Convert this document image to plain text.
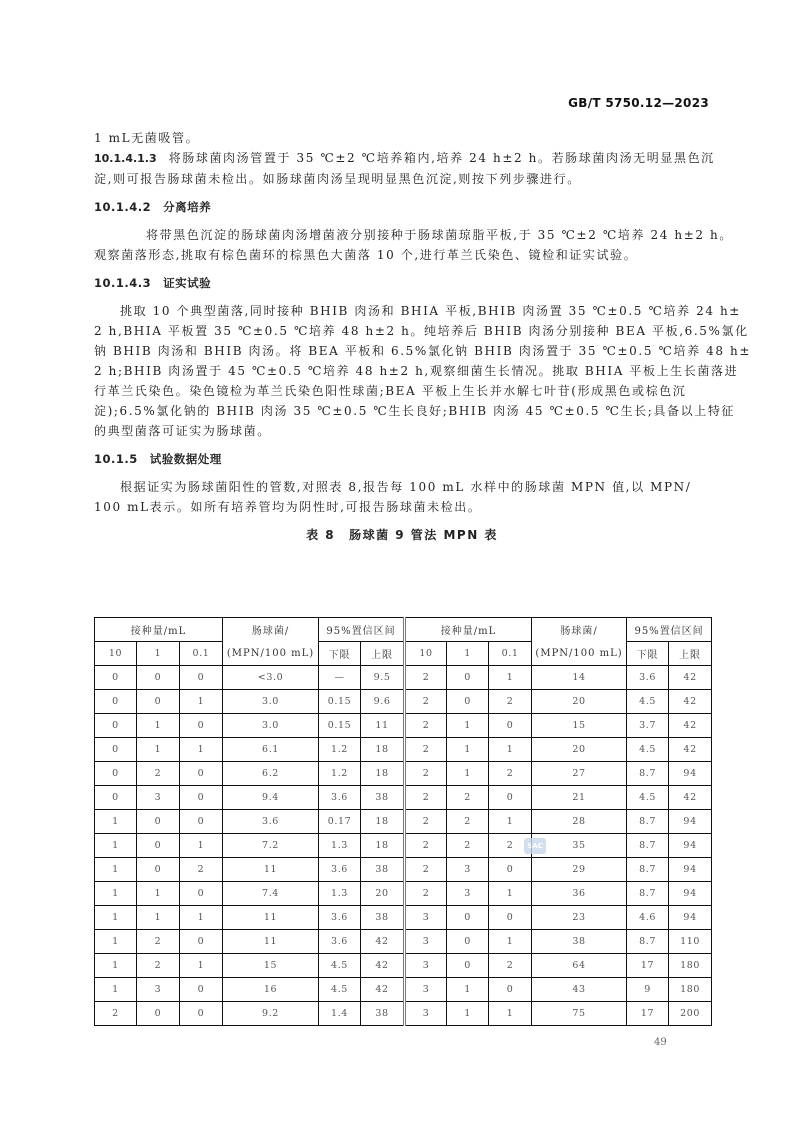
GB/T 5750.12—2023
1 mL无菌吸管。
10.1.4.1.3 将肠球菌肉汤管置于 35 ℃±2 ℃培养箱内,培养 24 h±2 h。若肠球菌肉汤无明显黑色沉
淀,则可报告肠球菌未检出。如肠球菌肉汤呈现明显黑色沉淀,则按下列步骤进行。
10.1.4.2 分离培养
将带黑色沉淀的肠球菌肉汤增菌液分别接种于肠球菌琼脂平板,于 35 ℃±2 ℃培养 24 h±2 h。
观察菌落形态,挑取有棕色菌环的棕黑色大菌落 10 个,进行革兰氏染色、镜检和证实试验。
10.1.4.3 证实试验
挑取 10 个典型菌落,同时接种 BHIB 肉汤和 BHIA 平板,BHIB 肉汤置 35 ℃±0.5 ℃培养 24 h±
2 h,BHIA 平板置 35 ℃±0.5 ℃培养 48 h±2 h。纯培养后 BHIB 肉汤分别接种 BEA 平板,6.5%氯化
钠 BHIB 肉汤和 BHIB 肉汤。将 BEA 平板和 6.5%氯化钠 BHIB 肉汤置于 35 ℃±0.5 ℃培养 48 h±
2 h;BHIB 肉汤置于 45 ℃±0.5 ℃培养 48 h±2 h,观察细菌生长情况。挑取 BHIA 平板上生长菌落进
行革兰氏染色。染色镜检为革兰氏染色阳性球菌;BEA 平板上生长并水解七叶苷(形成黑色或棕色沉
淀);6.5%氯化钠的 BHIB 肉汤 35 ℃±0.5 ℃生长良好;BHIB 肉汤 45 ℃±0.5 ℃生长;具备以上特征
的典型菌落可证实为肠球菌。
10.1.5 试验数据处理
根据证实为肠球菌阳性的管数,对照表 8,报告每 100 mL 水样中的肠球菌 MPN 值,以 MPN/
100 mL表示。如所有培养管均为阴性时,可报告肠球菌未检出。
表 8 肠球菌 9 管法 MPN 表
接种量/mL			肠球菌/	95%置信区间		接种量/mL			肠球菌/	95%置信区间	
10	1	0.1	(MPN/100 mL)	下限	上限	10	1	0.1	(MPN/100 mL)	下限	上限
0	0	0	<3.0	—	9.5	2	0	1	14	3.6	42
0	0	1	3.0	0.15	9.6	2	0	2	20	4.5	42
0	1	0	3.0	0.15	11	2	1	0	15	3.7	42
0	1	1	6.1	1.2	18	2	1	1	20	4.5	42
0	2	0	6.2	1.2	18	2	1	2	27	8.7	94
0	3	0	9.4	3.6	38	2	2	0	21	4.5	42
1	0	0	3.6	0.17	18	2	2	1	28	8.7	94
1	0	1	7.2	1.3	18	2	2	2	35	8.7	94
1	0	2	11	3.6	38	2	3	0	29	8.7	94
1	1	0	7.4	1.3	20	2	3	1	36	8.7	94
1	1	1	11	3.6	38	3	0	0	23	4.6	94
1	2	0	11	3.6	42	3	0	1	38	8.7	110
1	2	1	15	4.5	42	3	0	2	64	17	180
1	3	0	16	4.5	42	3	1	0	43	9	180
2	0	0	9.2	1.4	38	3	1	1	75	17	200
SAC
49
